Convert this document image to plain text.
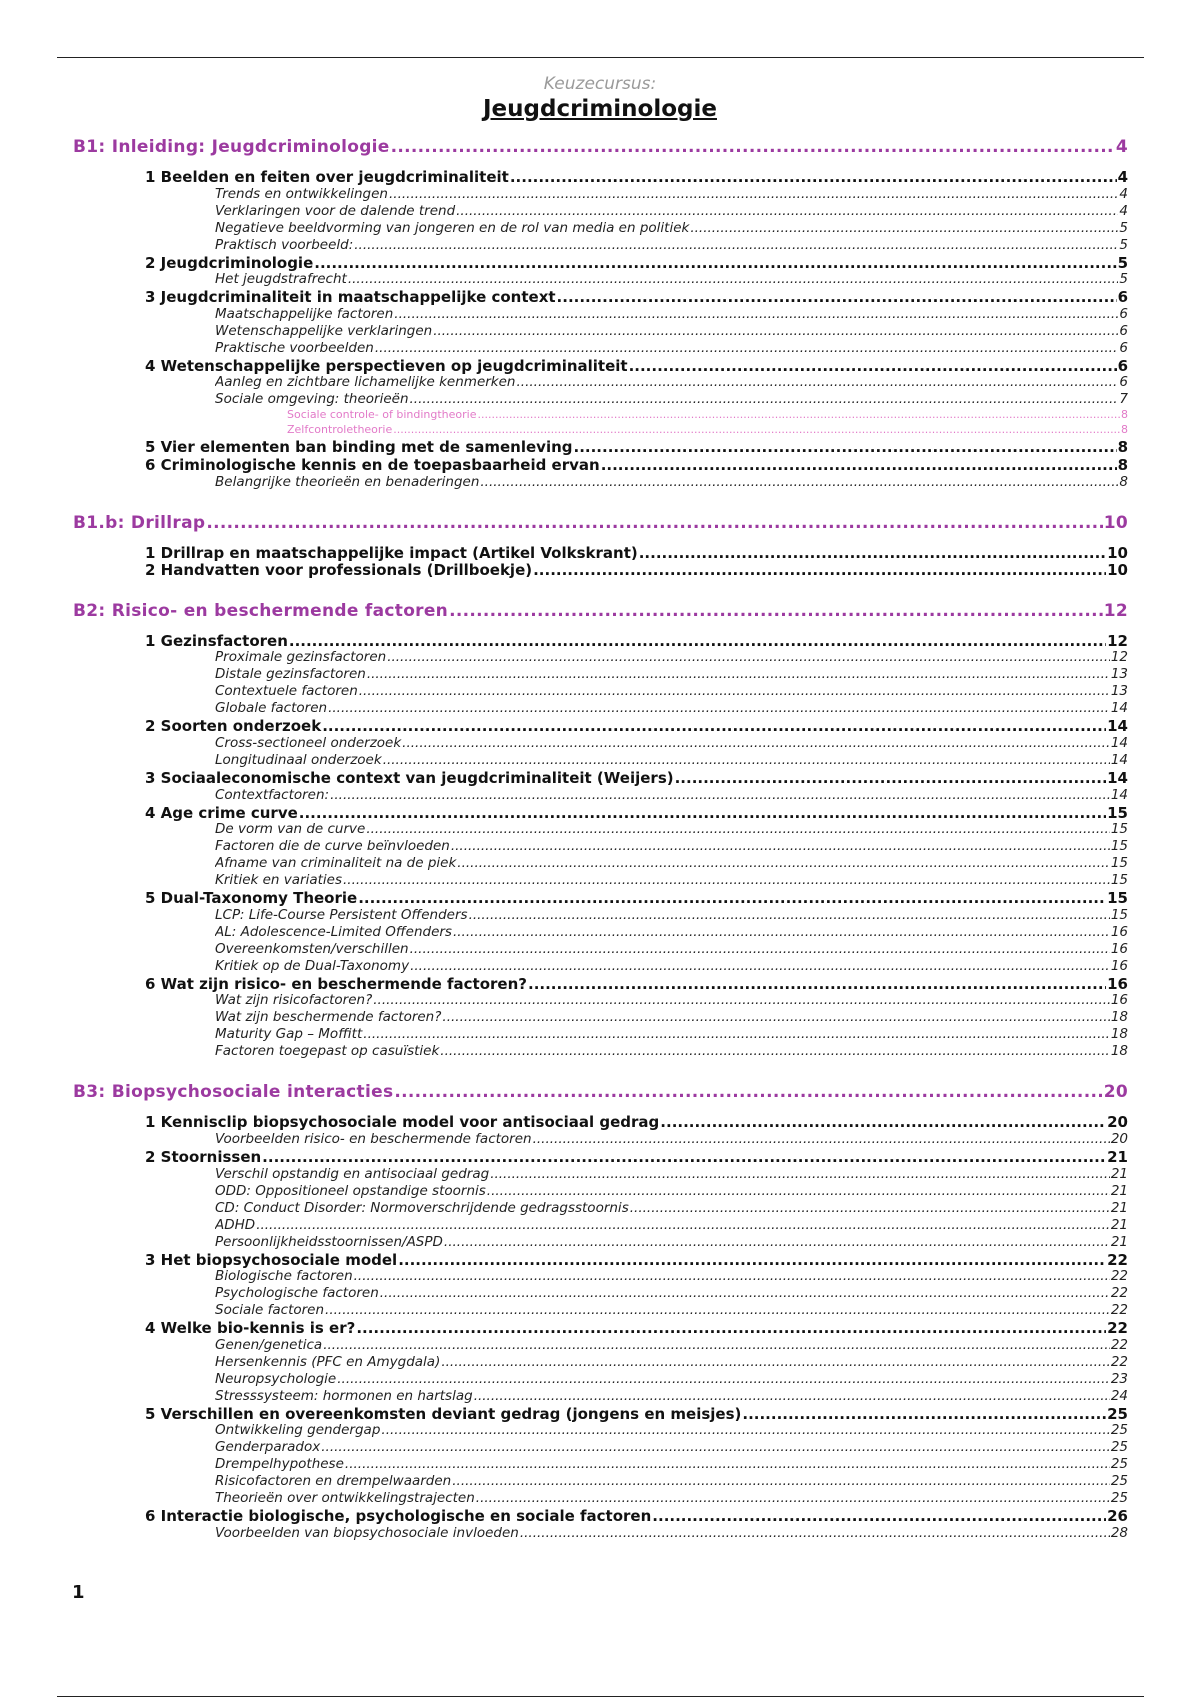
Keuzecursus:
Jeugdcriminologie
B1: Inleiding: Jeugdcriminologie .....	4
1 Beelden en feiten over jeugdcriminaliteit .....	4
Trends en ontwikkelingen .....	4
Verklaringen voor de dalende trend .....	4
Negatieve beeldvorming van jongeren en de rol van media en politiek .....	5
Praktisch voorbeeld: .....	5
2 Jeugdcriminologie .....	5
Het jeugdstrafrecht .....	5
3 Jeugdcriminaliteit in maatschappelijke context .....	6
Maatschappelijke factoren .....	6
Wetenschappelijke verklaringen .....	6
Praktische voorbeelden .....	6
4 Wetenschappelijke perspectieven op jeugdcriminaliteit .....	6
Aanleg en zichtbare lichamelijke kenmerken .....	6
Sociale omgeving: theorieën .....	7
Sociale controle- of bindingtheorie .....	8
Zelfcontroletheorie .....	8
5 Vier elementen ban binding met de samenleving .....	8
6 Criminologische kennis en de toepasbaarheid ervan .....	8
Belangrijke theorieën en benaderingen .....	8
B1.b: Drillrap .....	10
1 Drillrap en maatschappelijke impact (Artikel Volkskrant) .....	10
2 Handvatten voor professionals (Drillboekje) .....	10
B2: Risico- en beschermende factoren .....	12
1 Gezinsfactoren .....	12
Proximale gezinsfactoren .....	12
Distale gezinsfactoren .....	13
Contextuele factoren .....	13
Globale factoren .....	14
2 Soorten onderzoek .....	14
Cross-sectioneel onderzoek .....	14
Longitudinaal onderzoek .....	14
3 Sociaaleconomische context van jeugdcriminaliteit (Weijers) .....	14
Contextfactoren: .....	14
4 Age crime curve .....	15
De vorm van de curve .....	15
Factoren die de curve beïnvloeden .....	15
Afname van criminaliteit na de piek .....	15
Kritiek en variaties .....	15
5 Dual-Taxonomy Theorie .....	15
LCP: Life-Course Persistent Offenders .....	15
AL: Adolescence-Limited Offenders .....	16
Overeenkomsten/verschillen .....	16
Kritiek op de Dual-Taxonomy .....	16
6 Wat zijn risico- en beschermende factoren? .....	16
Wat zijn risicofactoren? .....	16
Wat zijn beschermende factoren? .....	18
Maturity Gap – Moffitt .....	18
Factoren toegepast op casuïstiek .....	18
B3: Biopsychosociale interacties .....	20
1 Kennisclip biopsychosociale model voor antisociaal gedrag .....	20
Voorbeelden risico- en beschermende factoren .....	20
2 Stoornissen .....	21
Verschil opstandig en antisociaal gedrag .....	21
ODD: Oppositioneel opstandige stoornis .....	21
CD: Conduct Disorder: Normoverschrijdende gedragsstoornis .....	21
ADHD .....	21
Persoonlijkheidsstoornissen/ASPD .....	21
3 Het biopsychosociale model .....	22
Biologische factoren .....	22
Psychologische factoren .....	22
Sociale factoren .....	22
4 Welke bio-kennis is er? .....	22
Genen/genetica .....	22
Hersenkennis (PFC en Amygdala) .....	22
Neuropsychologie .....	23
Stresssysteem: hormonen en hartslag .....	24
5 Verschillen en overeenkomsten deviant gedrag (jongens en meisjes) .....	25
Ontwikkeling gendergap .....	25
Genderparadox .....	25
Drempelhypothese .....	25
Risicofactoren en drempelwaarden .....	25
Theorieën over ontwikkelingstrajecten .....	25
6 Interactie biologische, psychologische en sociale factoren .....	26
Voorbeelden van biopsychosociale invloeden .....	28
1
